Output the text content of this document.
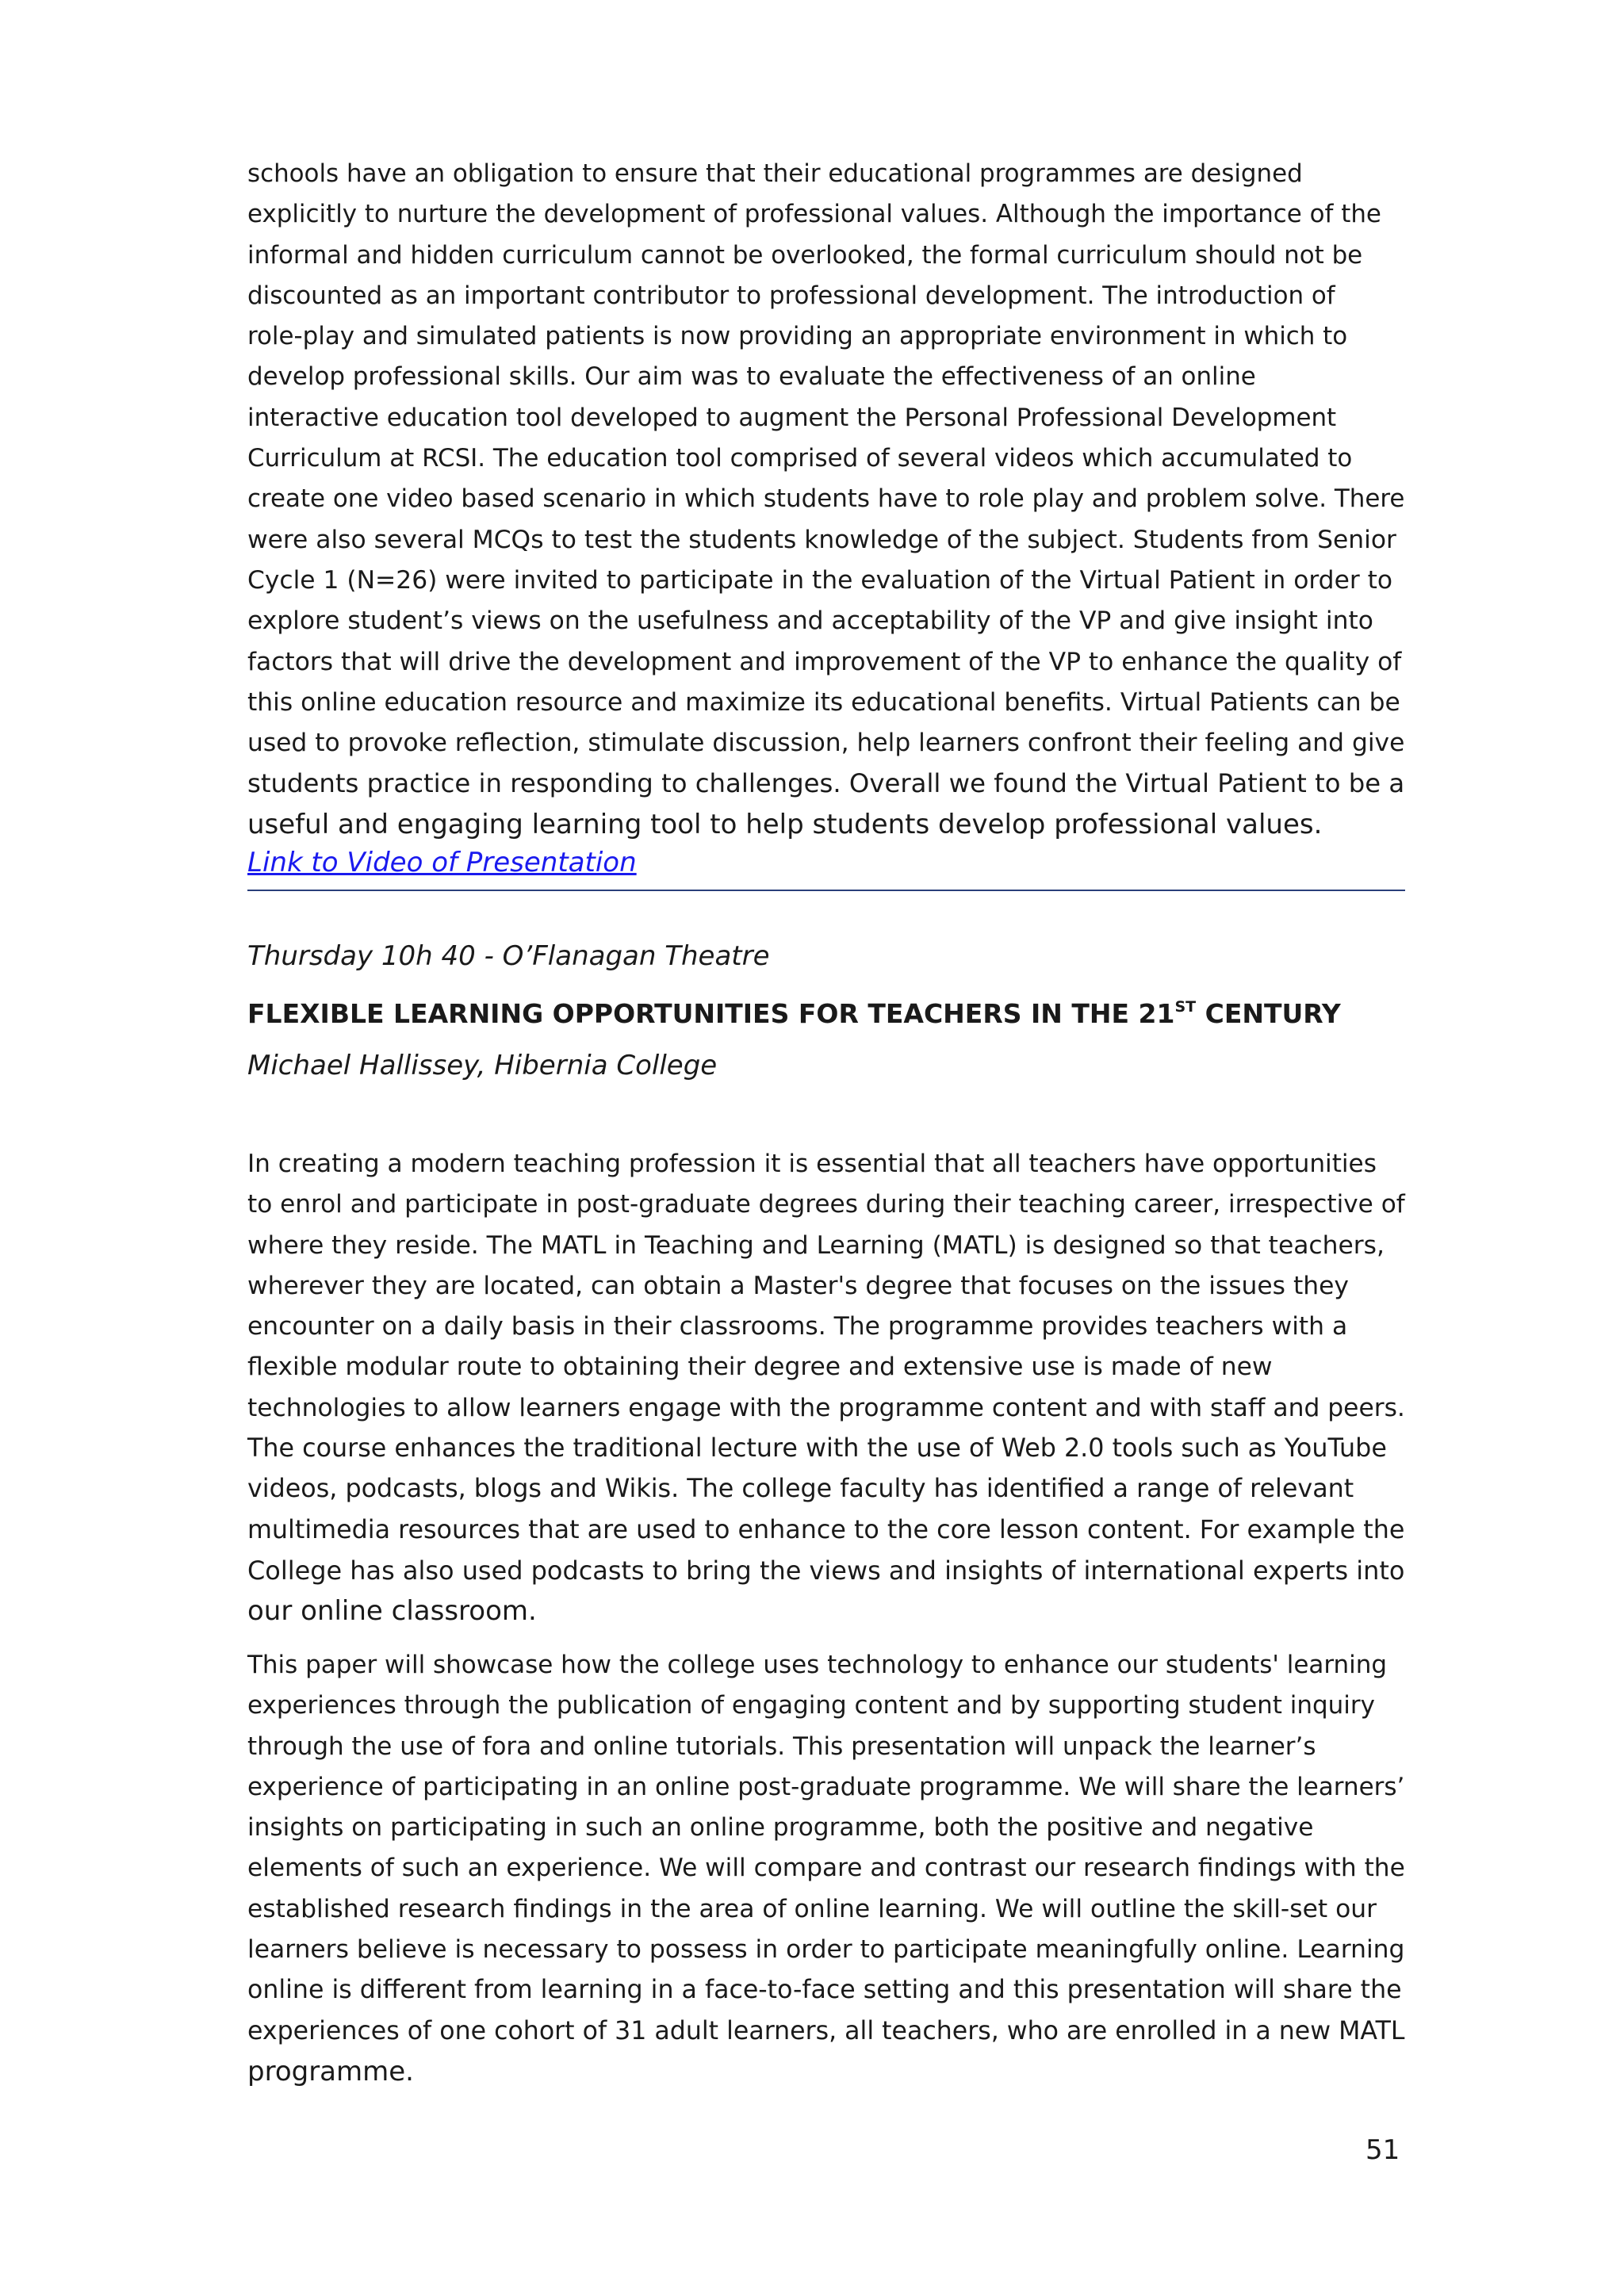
schools have an obligation to ensure that their educational programmes are designed
explicitly to nurture the development of professional values. Although the importance of the
informal and hidden curriculum cannot be overlooked, the formal curriculum should not be
discounted as an important contributor to professional development. The introduction of
role-play and simulated patients is now providing an appropriate environment in which to
develop professional skills. Our aim was to evaluate the effectiveness of an online
interactive education tool developed to augment the Personal Professional Development
Curriculum at RCSI. The education tool comprised of several videos which accumulated to
create one video based scenario in which students have to role play and problem solve. There
were also several MCQs to test the students knowledge of the subject. Students from Senior
Cycle 1 (N=26) were invited to participate in the evaluation of the Virtual Patient in order to
explore student’s views on the usefulness and acceptability of the VP and give insight into
factors that will drive the development and improvement of the VP to enhance the quality of
this online education resource and maximize its educational benefits. Virtual Patients can be
used to provoke reflection, stimulate discussion, help learners confront their feeling and give
students practice in responding to challenges. Overall we found the Virtual Patient to be a
useful and engaging learning tool to help students develop professional values.

Link to Video of Presentation
Thursday 10h 40 - O’Flanagan Theatre
FLEXIBLE LEARNING OPPORTUNITIES FOR TEACHERS IN THE 21ST CENTURY
Michael Hallissey, Hibernia College

In creating a modern teaching profession it is essential that all teachers have opportunities
to enrol and participate in post-graduate degrees during their teaching career, irrespective of
where they reside. The MATL in Teaching and Learning (MATL) is designed so that teachers,
wherever they are located, can obtain a Master's degree that focuses on the issues they
encounter on a daily basis in their classrooms. The programme provides teachers with a
flexible modular route to obtaining their degree and extensive use is made of new
technologies to allow learners engage with the programme content and with staff and peers.
The course enhances the traditional lecture with the use of Web 2.0 tools such as YouTube
videos, podcasts, blogs and Wikis. The college faculty has identified a range of relevant
multimedia resources that are used to enhance to the core lesson content. For example the
College has also used podcasts to bring the views and insights of international experts into
our online classroom.

This paper will showcase how the college uses technology to enhance our students' learning
experiences through the publication of engaging content and by supporting student inquiry
through the use of fora and online tutorials. This presentation will unpack the learner’s
experience of participating in an online post-graduate programme. We will share the learners’
insights on participating in such an online programme, both the positive and negative
elements of such an experience. We will compare and contrast our research findings with the
established research findings in the area of online learning. We will outline the skill-set our
learners believe is necessary to possess in order to participate meaningfully online. Learning
online is different from learning in a face-to-face setting and this presentation will share the
experiences of one cohort of 31 adult learners, all teachers, who are enrolled in a new MATL
programme.

51
